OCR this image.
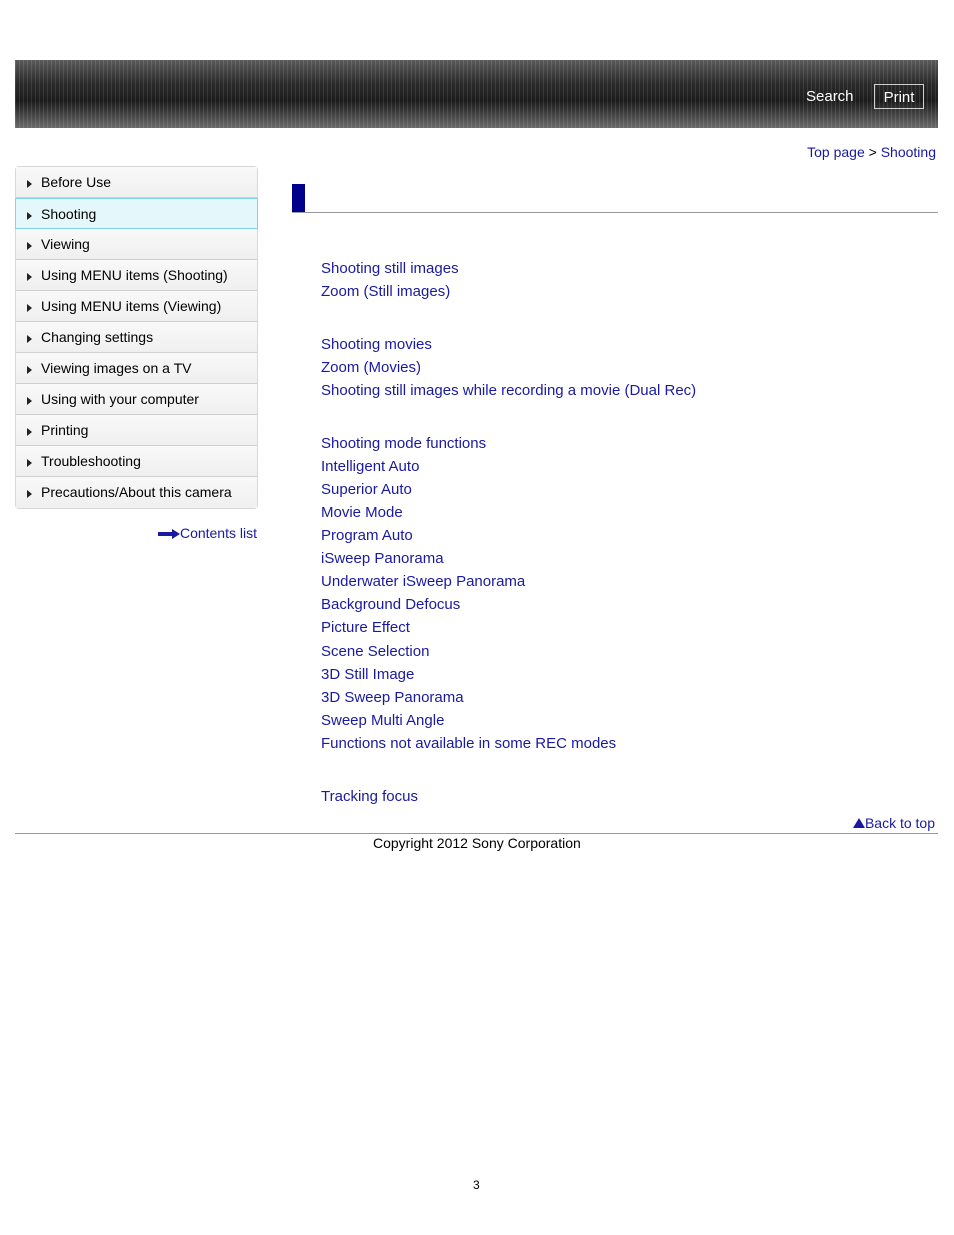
Search	Print
Top page > Shooting
Before Use
Shooting
Viewing
Using MENU items (Shooting)
Using MENU items (Viewing)
Changing settings
Viewing images on a TV
Using with your computer
Printing
Troubleshooting
Precautions/About this camera
Contents list
Shooting still images
Zoom (Still images)
Shooting movies
Zoom (Movies)
Shooting still images while recording a movie (Dual Rec)
Shooting mode functions
Intelligent Auto
Superior Auto
Movie Mode
Program Auto
iSweep Panorama
Underwater iSweep Panorama
Background Defocus
Picture Effect
Scene Selection
3D Still Image
3D Sweep Panorama
Sweep Multi Angle
Functions not available in some REC modes
Tracking focus
Back to top
Copyright 2012 Sony Corporation
3
